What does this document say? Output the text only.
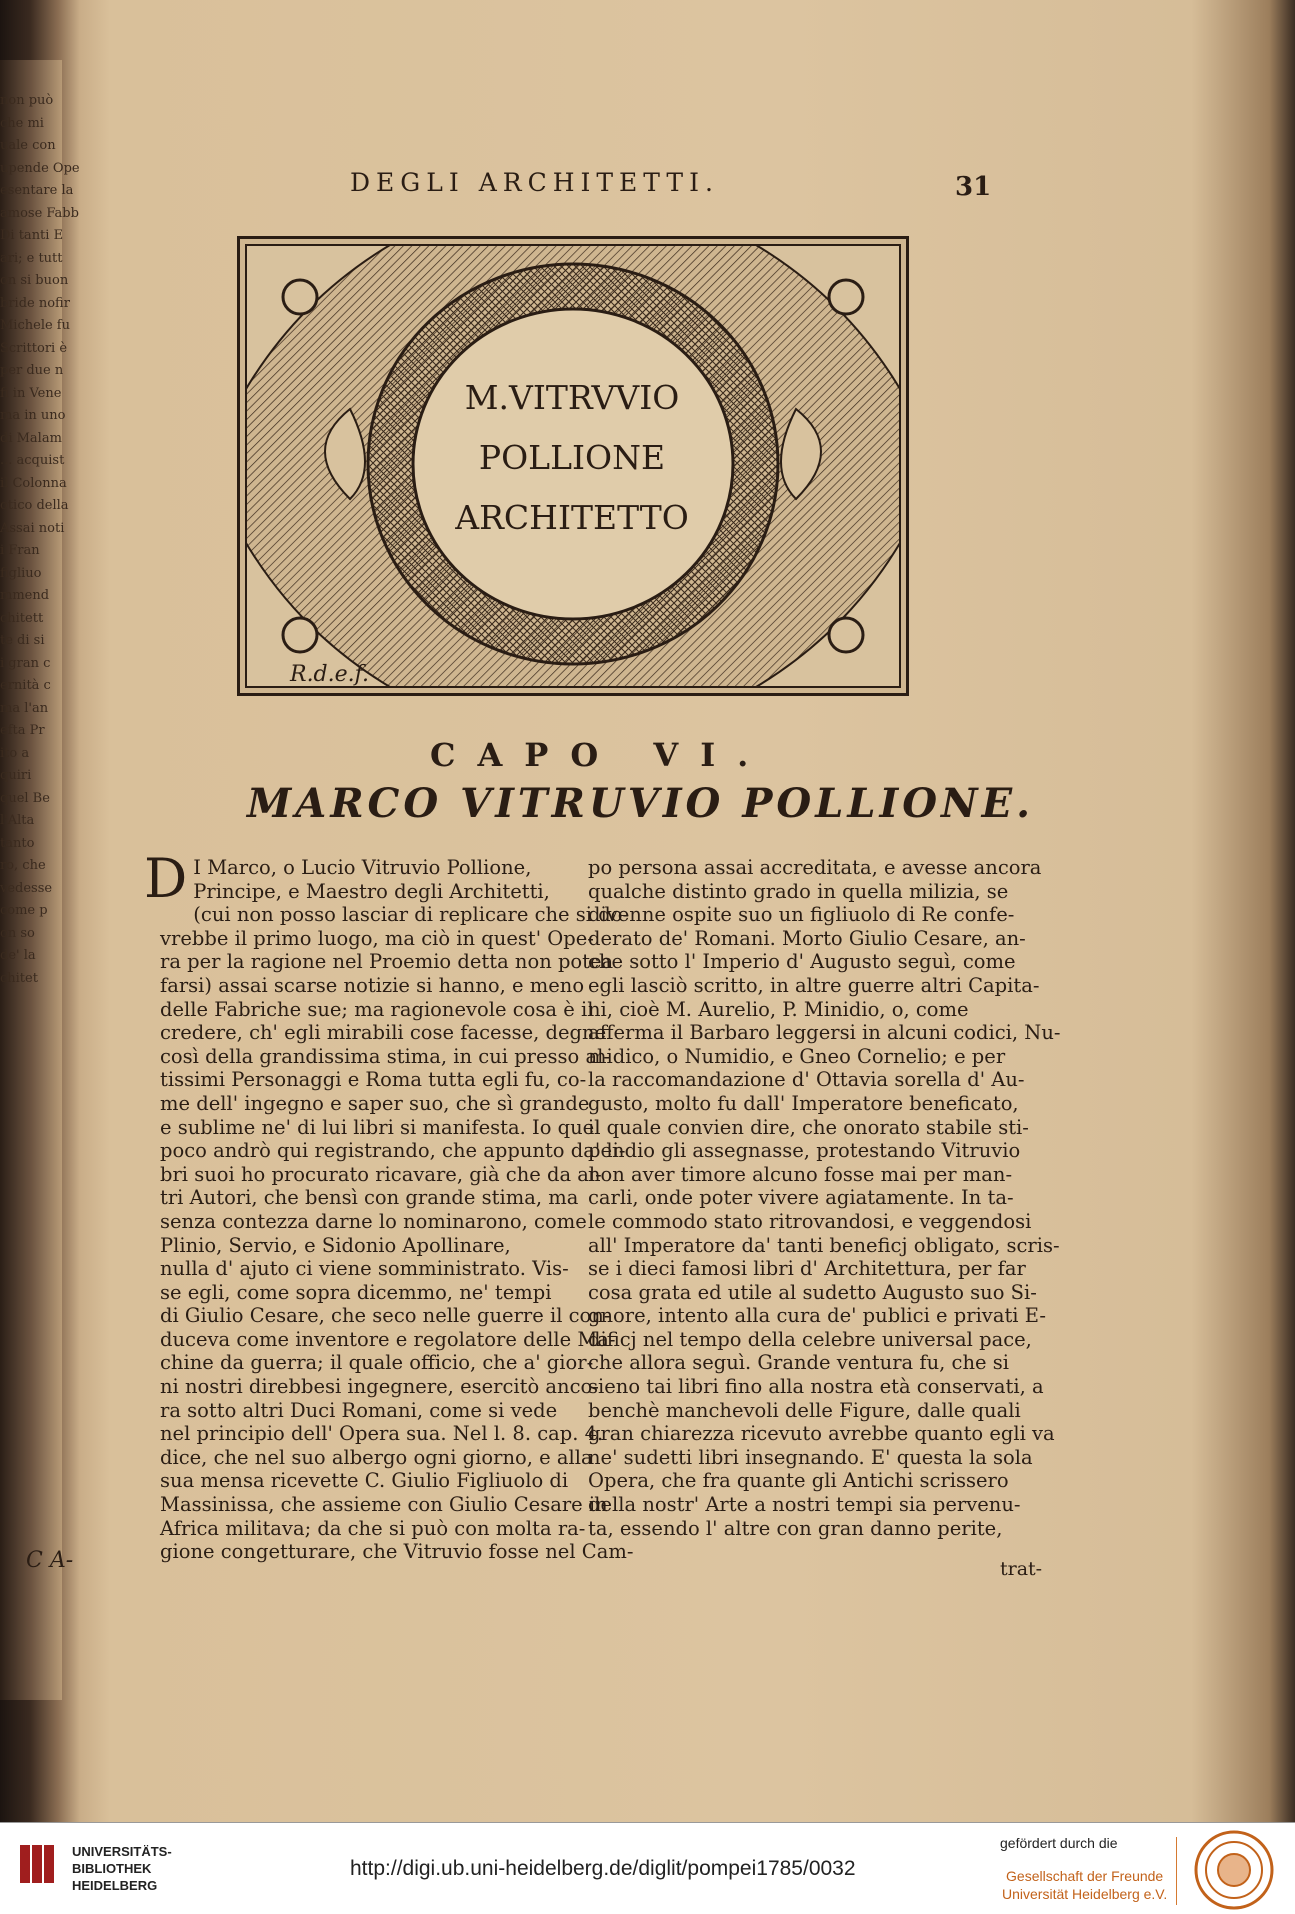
non può
che mi
uale con
upende Ope
esentare la
amose Fabb
Di tanti E
ari; e tutt
on si buon
bride nofir
Michele fu
Scrittori è
per due n
fi in Vene
ma in uno
di Malam
... acquist
il Colonna
otico della
Assai noti
i Fran
figliuo
mmend
chitett
te di si
i gran c
ernità c
ma l'an
efta Pr
ito a
quiri
quel Be
l'Alta
tanto
ro, che
vedesse
come p
on so
de' la
chitet
C A-
DEGLI ARCHITETTI.	31
M.VITRVVIO
POLLIONE
ARCHITETTO
R.d.e.f.
CAPO VI.
MARCO VITRUVIO POLLIONE.
D I Marco, o Lucio Vitruvio Pollione,
Principe, e Maestro degli Architetti,
(cui non posso lasciar di replicare che si do-
vrebbe il primo luogo, ma ciò in quest' Ope-
ra per la ragione nel Proemio detta non potea
farsi) assai scarse notizie si hanno, e meno
delle Fabriche sue; ma ragionevole cosa è il
credere, ch' egli mirabili cose facesse, degne
così della grandissima stima, in cui presso al-
tissimi Personaggi e Roma tutta egli fu, co-
me dell' ingegno e saper suo, che sì grande
e sublime ne' di lui libri si manifesta. Io quel
poco andrò qui registrando, che appunto da' li-
bri suoi ho procurato ricavare, già che da al-
tri Autori, che bensì con grande stima, ma
senza contezza darne lo nominarono, come
Plinio, Servio, e Sidonio Apollinare,
nulla d' ajuto ci viene somministrato. Vis-
se egli, come sopra dicemmo, ne' tempi
di Giulio Cesare, che seco nelle guerre il con-
duceva come inventore e regolatore delle Ma-
chine da guerra; il quale officio, che a' gior-
ni nostri direbbesi ingegnere, esercitò anco-
ra sotto altri Duci Romani, come si vede
nel principio dell' Opera sua. Nel l. 8. cap. 4.
dice, che nel suo albergo ogni giorno, e alla
sua mensa ricevette C. Giulio Figliuolo di
Massinissa, che assieme con Giulio Cesare in
Africa militava; da che si può con molta ra-
gione congetturare, che Vitruvio fosse nel Cam-
po persona assai accreditata, e avesse ancora
qualche distinto grado in quella milizia, se
divenne ospite suo un figliuolo di Re confe-
derato de' Romani. Morto Giulio Cesare, an-
che sotto l' Imperio d' Augusto seguì, come
egli lasciò scritto, in altre guerre altri Capita-
ni, cioè M. Aurelio, P. Minidio, o, come
afferma il Barbaro leggersi in alcuni codici, Nu-
midico, o Numidio, e Gneo Cornelio; e per
la raccomandazione d' Ottavia sorella d' Au-
gusto, molto fu dall' Imperatore beneficato,
il quale convien dire, che onorato stabile sti-
pendio gli assegnasse, protestando Vitruvio
non aver timore alcuno fosse mai per man-
carli, onde poter vivere agiatamente. In ta-
le commodo stato ritrovandosi, e veggendosi
all' Imperatore da' tanti beneficj obligato, scris-
se i dieci famosi libri d' Architettura, per far
cosa grata ed utile al sudetto Augusto suo Si-
gnore, intento alla cura de' publici e privati E-
dificj nel tempo della celebre universal pace,
che allora seguì. Grande ventura fu, che si
sieno tai libri fino alla nostra età conservati, a
benchè manchevoli delle Figure, dalle quali
gran chiarezza ricevuto avrebbe quanto egli va
ne' sudetti libri insegnando. E' questa la sola
Opera, che fra quante gli Antichi scrissero
della nostr' Arte a nostri tempi sia pervenu-
ta, essendo l' altre con gran danno perite,
trat-
UNIVERSITÄTS-
BIBLIOTHEK
HEIDELBERG
http://digi.ub.uni-heidelberg.de/diglit/pompei1785/0032
gefördert durch die
Gesellschaft der Freunde
Universität Heidelberg e.V.
